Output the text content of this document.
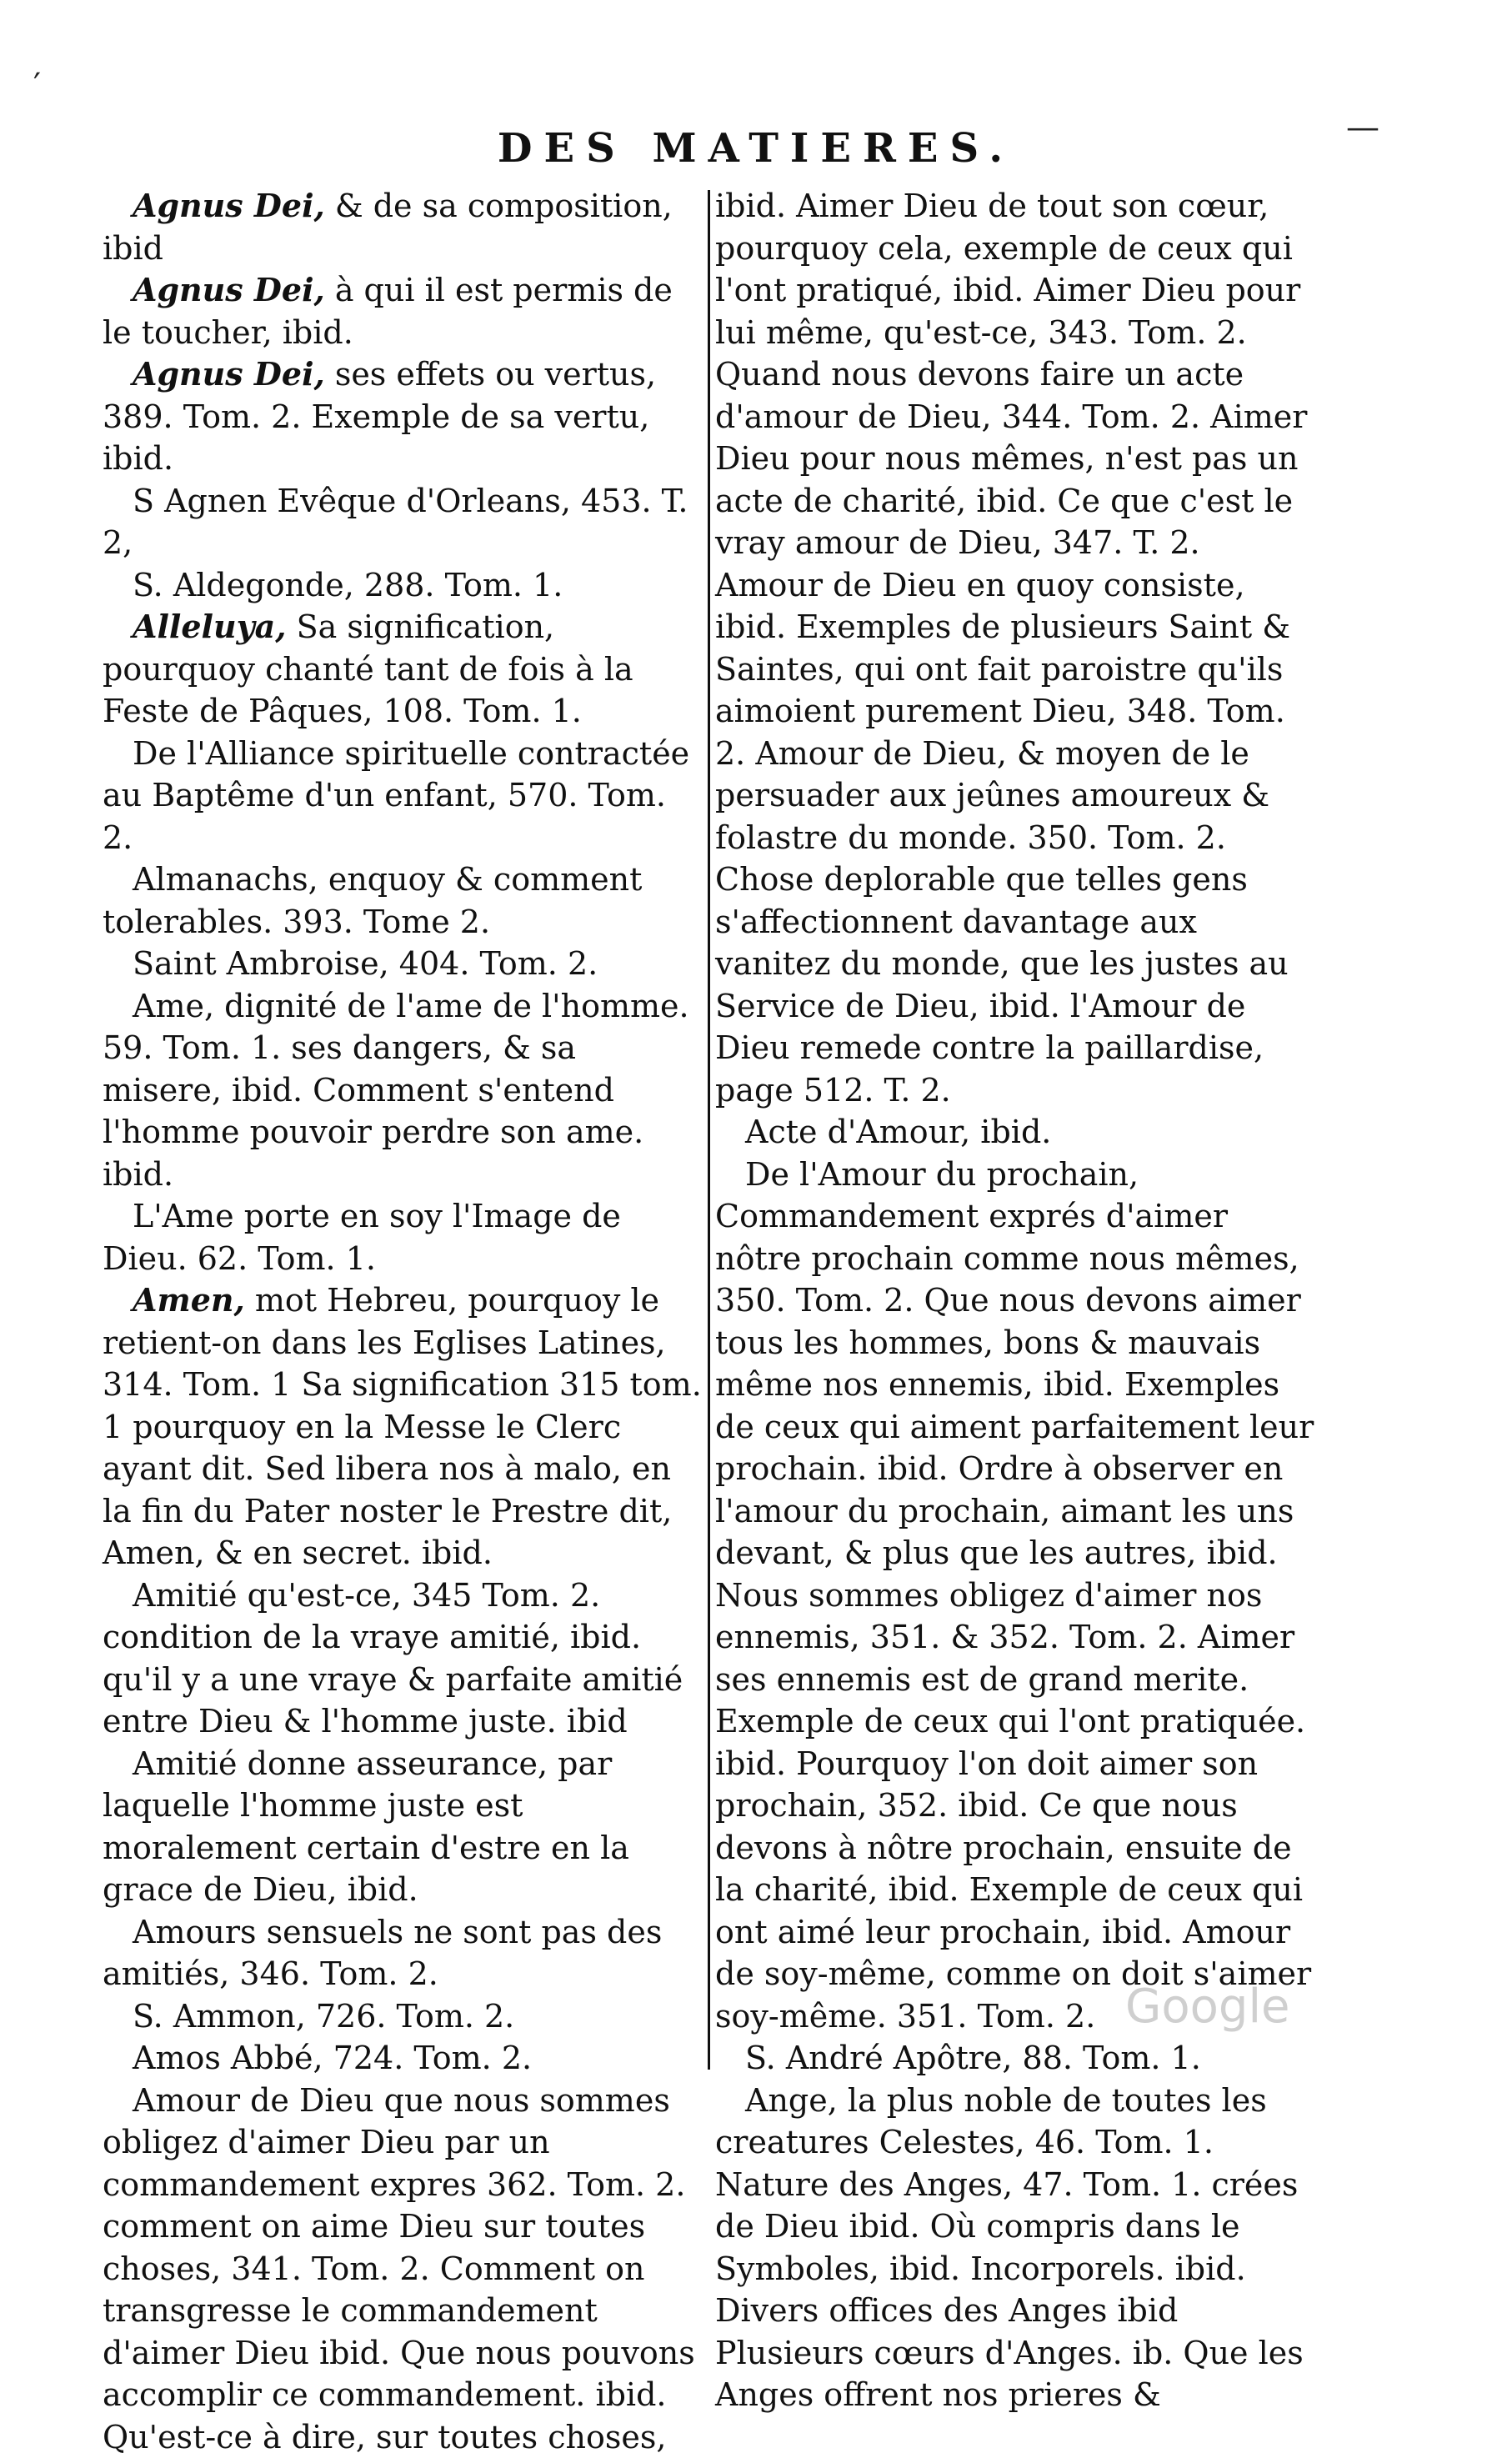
DES MATIERES.
Agnus Dei, & de sa composition, ibid
Agnus Dei, à qui il est permis de le toucher, ibid.
Agnus Dei, ses effets ou vertus, 389. Tom. 2. Exemple de sa vertu, ibid.
S Agnen Evêque d'Orleans, 453. T. 2,
S. Aldegonde, 288. Tom. 1.
Alleluya, Sa signification, pourquoy chanté tant de fois à la Feste de Pâques, 108. Tom. 1.
De l'Alliance spirituelle contractée au Baptême d'un enfant, 570. Tom. 2.
Almanachs, enquoy & comment tolerables. 393. Tome 2.
Saint Ambroise, 404. Tom. 2.
Ame, dignité de l'ame de l'homme. 59. Tom. 1. ses dangers, & sa misere, ibid. Comment s'entend l'homme pouvoir perdre son ame. ibid.
L'Ame porte en soy l'Image de Dieu. 62. Tom. 1.
Amen, mot Hebreu, pourquoy le retient-on dans les Eglises Latines, 314. Tom. 1 Sa signification 315 tom. 1 pourquoy en la Messe le Clerc ayant dit. Sed libera nos à malo, en la fin du Pater noster le Prestre dit, Amen, & en secret. ibid.
Amitié qu'est-ce, 345 Tom. 2. condition de la vraye amitié, ibid. qu'il y a une vraye & parfaite amitié entre Dieu & l'homme juste. ibid
Amitié donne asseurance, par laquelle l'homme juste est moralement certain d'estre en la grace de Dieu, ibid.
Amours sensuels ne sont pas des amitiés, 346. Tom. 2.
S. Ammon, 726. Tom. 2.
Amos Abbé, 724. Tom. 2.
Amour de Dieu que nous sommes obligez d'aimer Dieu par un commandement expres 362. Tom. 2. comment on aime Dieu sur toutes choses, 341. Tom. 2. Comment on transgresse le commandement d'aimer Dieu ibid. Que nous pouvons accomplir ce commandement. ibid. Qu'est-ce à dire, sur toutes choses,
ibid. Aimer Dieu de tout son cœur, pourquoy cela, exemple de ceux qui l'ont pratiqué, ibid. Aimer Dieu pour lui même, qu'est-ce, 343. Tom. 2. Quand nous devons faire un acte d'amour de Dieu, 344. Tom. 2. Aimer Dieu pour nous mêmes, n'est pas un acte de charité, ibid. Ce que c'est le vray amour de Dieu, 347. T. 2. Amour de Dieu en quoy consiste, ibid. Exemples de plusieurs Saint & Saintes, qui ont fait paroistre qu'ils aimoient purement Dieu, 348. Tom. 2. Amour de Dieu, & moyen de le persuader aux jeûnes amoureux & folastre du monde. 350. Tom. 2. Chose deplorable que telles gens s'affectionnent davantage aux vanitez du monde, que les justes au Service de Dieu, ibid. l'Amour de Dieu remede contre la paillardise, page 512. T. 2.
Acte d'Amour, ibid.
De l'Amour du prochain, Commandement exprés d'aimer nôtre prochain comme nous mêmes, 350. Tom. 2. Que nous devons aimer tous les hommes, bons & mauvais même nos ennemis, ibid. Exemples de ceux qui aiment parfaitement leur prochain. ibid. Ordre à observer en l'amour du prochain, aimant les uns devant, & plus que les autres, ibid. Nous sommes obligez d'aimer nos ennemis, 351. & 352. Tom. 2. Aimer ses ennemis est de grand merite. Exemple de ceux qui l'ont pratiquée. ibid. Pourquoy l'on doit aimer son prochain, 352. ibid. Ce que nous devons à nôtre prochain, ensuite de la charité, ibid. Exemple de ceux qui ont aimé leur prochain, ibid. Amour de soy-même, comme on doit s'aimer soy-même. 351. Tom. 2.
S. André Apôtre, 88. Tom. 1.
Ange, la plus noble de toutes les creatures Celestes, 46. Tom. 1. Nature des Anges, 47. Tom. 1. crées de Dieu ibid. Où compris dans le Symboles, ibid. Incorporels. ibid. Divers offices des Anges ibid Plusieurs cœurs d'Anges. ib. Que les Anges offrent nos prieres &
′
—
Google
